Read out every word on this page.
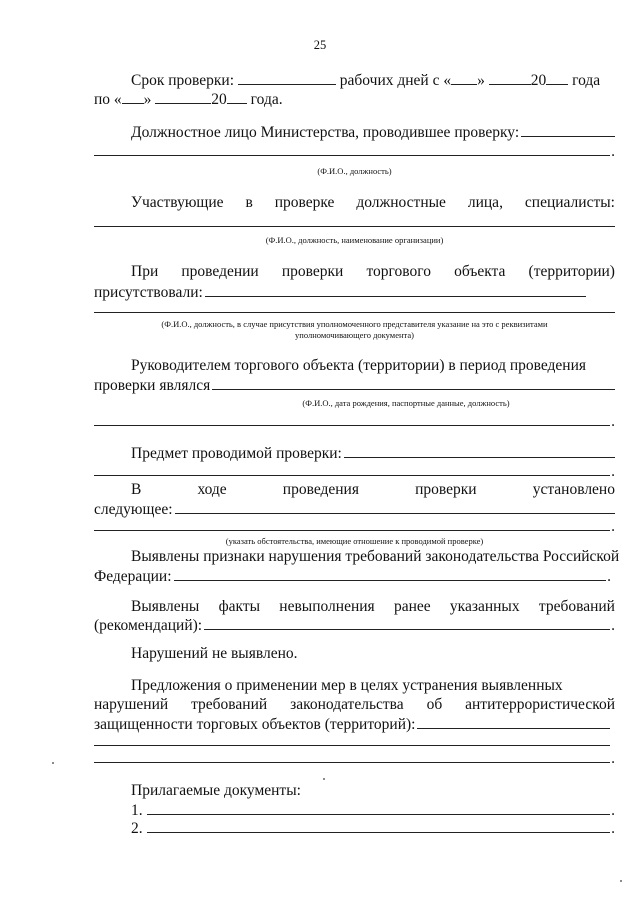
25
Срок проверки:	рабочих дней с « »	20 года
по « »	20 года.
Должностное лицо Министерства, проводившее проверку:
.
(Ф.И.О., должность)
Участвующие в проверке должностные лица, специалисты:
(Ф.И.О., должность, наименование организации)
При проведении проверки торгового объекта (территории)
присутствовали:
(Ф.И.О., должность, в случае присутствия уполномоченного представителя указание на это с реквизитами
уполномочивающего документа)
Руководителем торгового объекта (территории) в период проведения
проверки являлся
(Ф.И.О., дата рождения, паспортные данные, должность)
.
Предмет проводимой проверки:
.
В	ходе	проведения	проверки	установлено
следующее:
.
(указать обстоятельства, имеющие отношение к проводимой проверке)
Выявлены признаки нарушения требований законодательства Российской
Федерации:	.
Выявлены факты невыполнения ранее указанных требований
(рекомендаций):	.
Нарушений не выявлено.
Предложения о применении мер в целях устранения выявленных
нарушений требований законодательства об антитеррористической
защищенности торговых объектов (территорий):
.
Прилагаемые документы:
1.	.
2.	.
